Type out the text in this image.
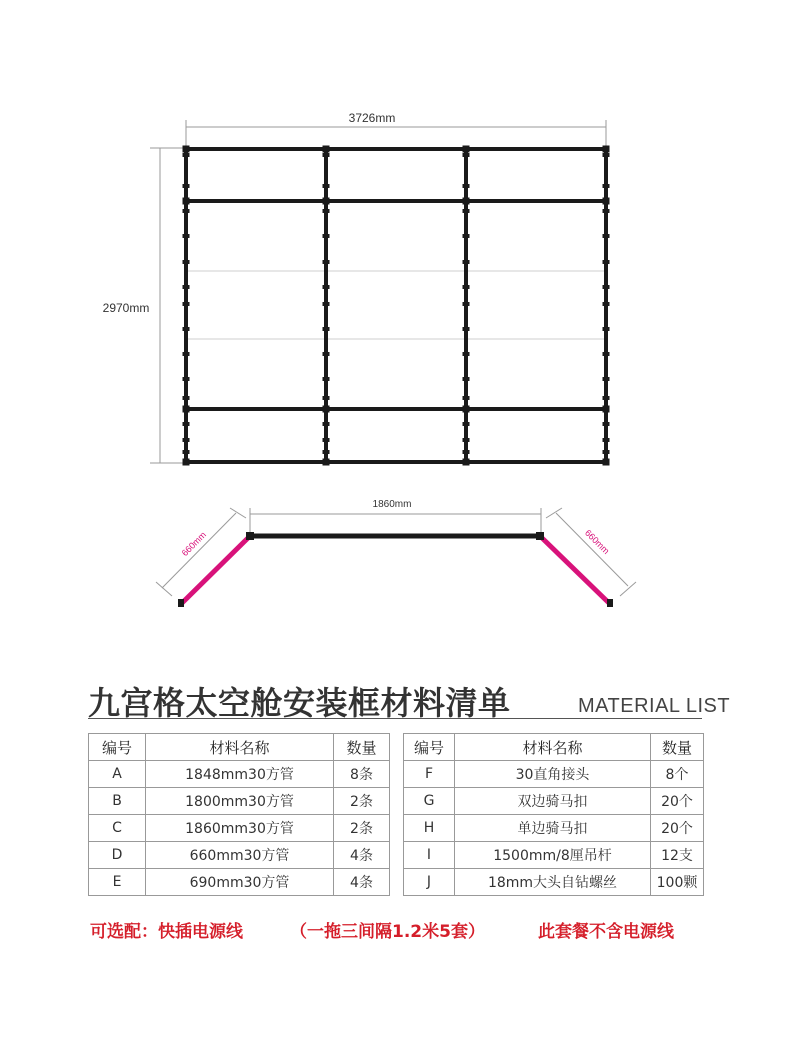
3726mm
2970mm
1860mm
660mm	660mm
九宫格太空舱安装框材料清单	MATERIAL LIST
编号	材料名称	数量
A	1848mm30方管	8条
B	1800mm30方管	2条
C	1860mm30方管	2条
D	660mm30方管	4条
E	690mm30方管	4条
编号	材料名称	数量
F	30直角接头	8个
G	双边骑马扣	20个
H	单边骑马扣	20个
I	1500mm/8厘吊杆	12支
J	18mm大头自钻螺丝	100颗
可选配：快插电源线	（一拖三间隔1.2米5套）	此套餐不含电源线
